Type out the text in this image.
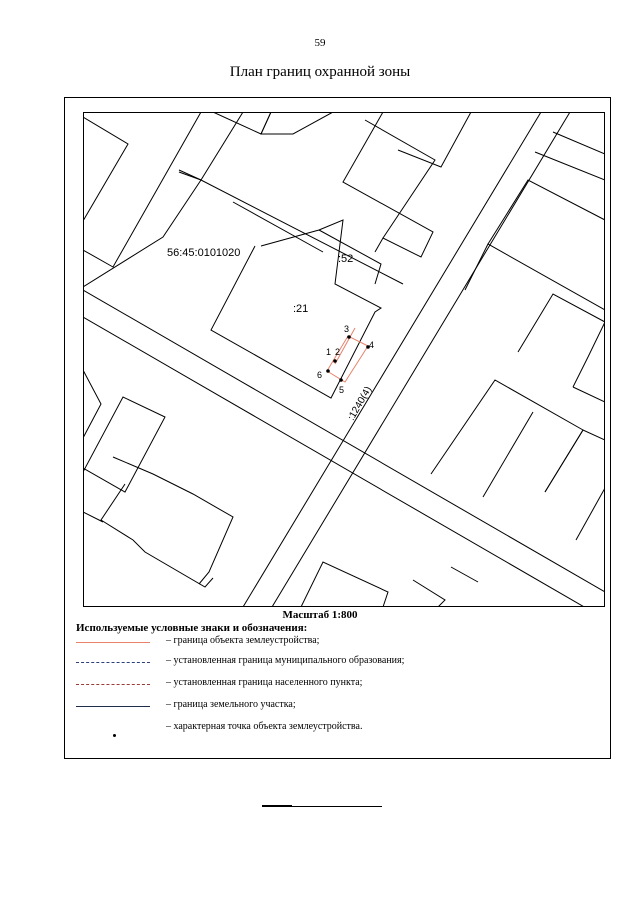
59
План границ охранной зоны
56:45:0101020	:52
:21
:1240(4)
3
1 2
4
6
5
Масштаб 1:800
Используемые условные знаки и обозначения:
– граница объекта землеустройства;
– установленная граница муниципального образования;
– установленная граница населенного пункта;
– граница земельного участка;
– характерная точка объекта землеустройства.
